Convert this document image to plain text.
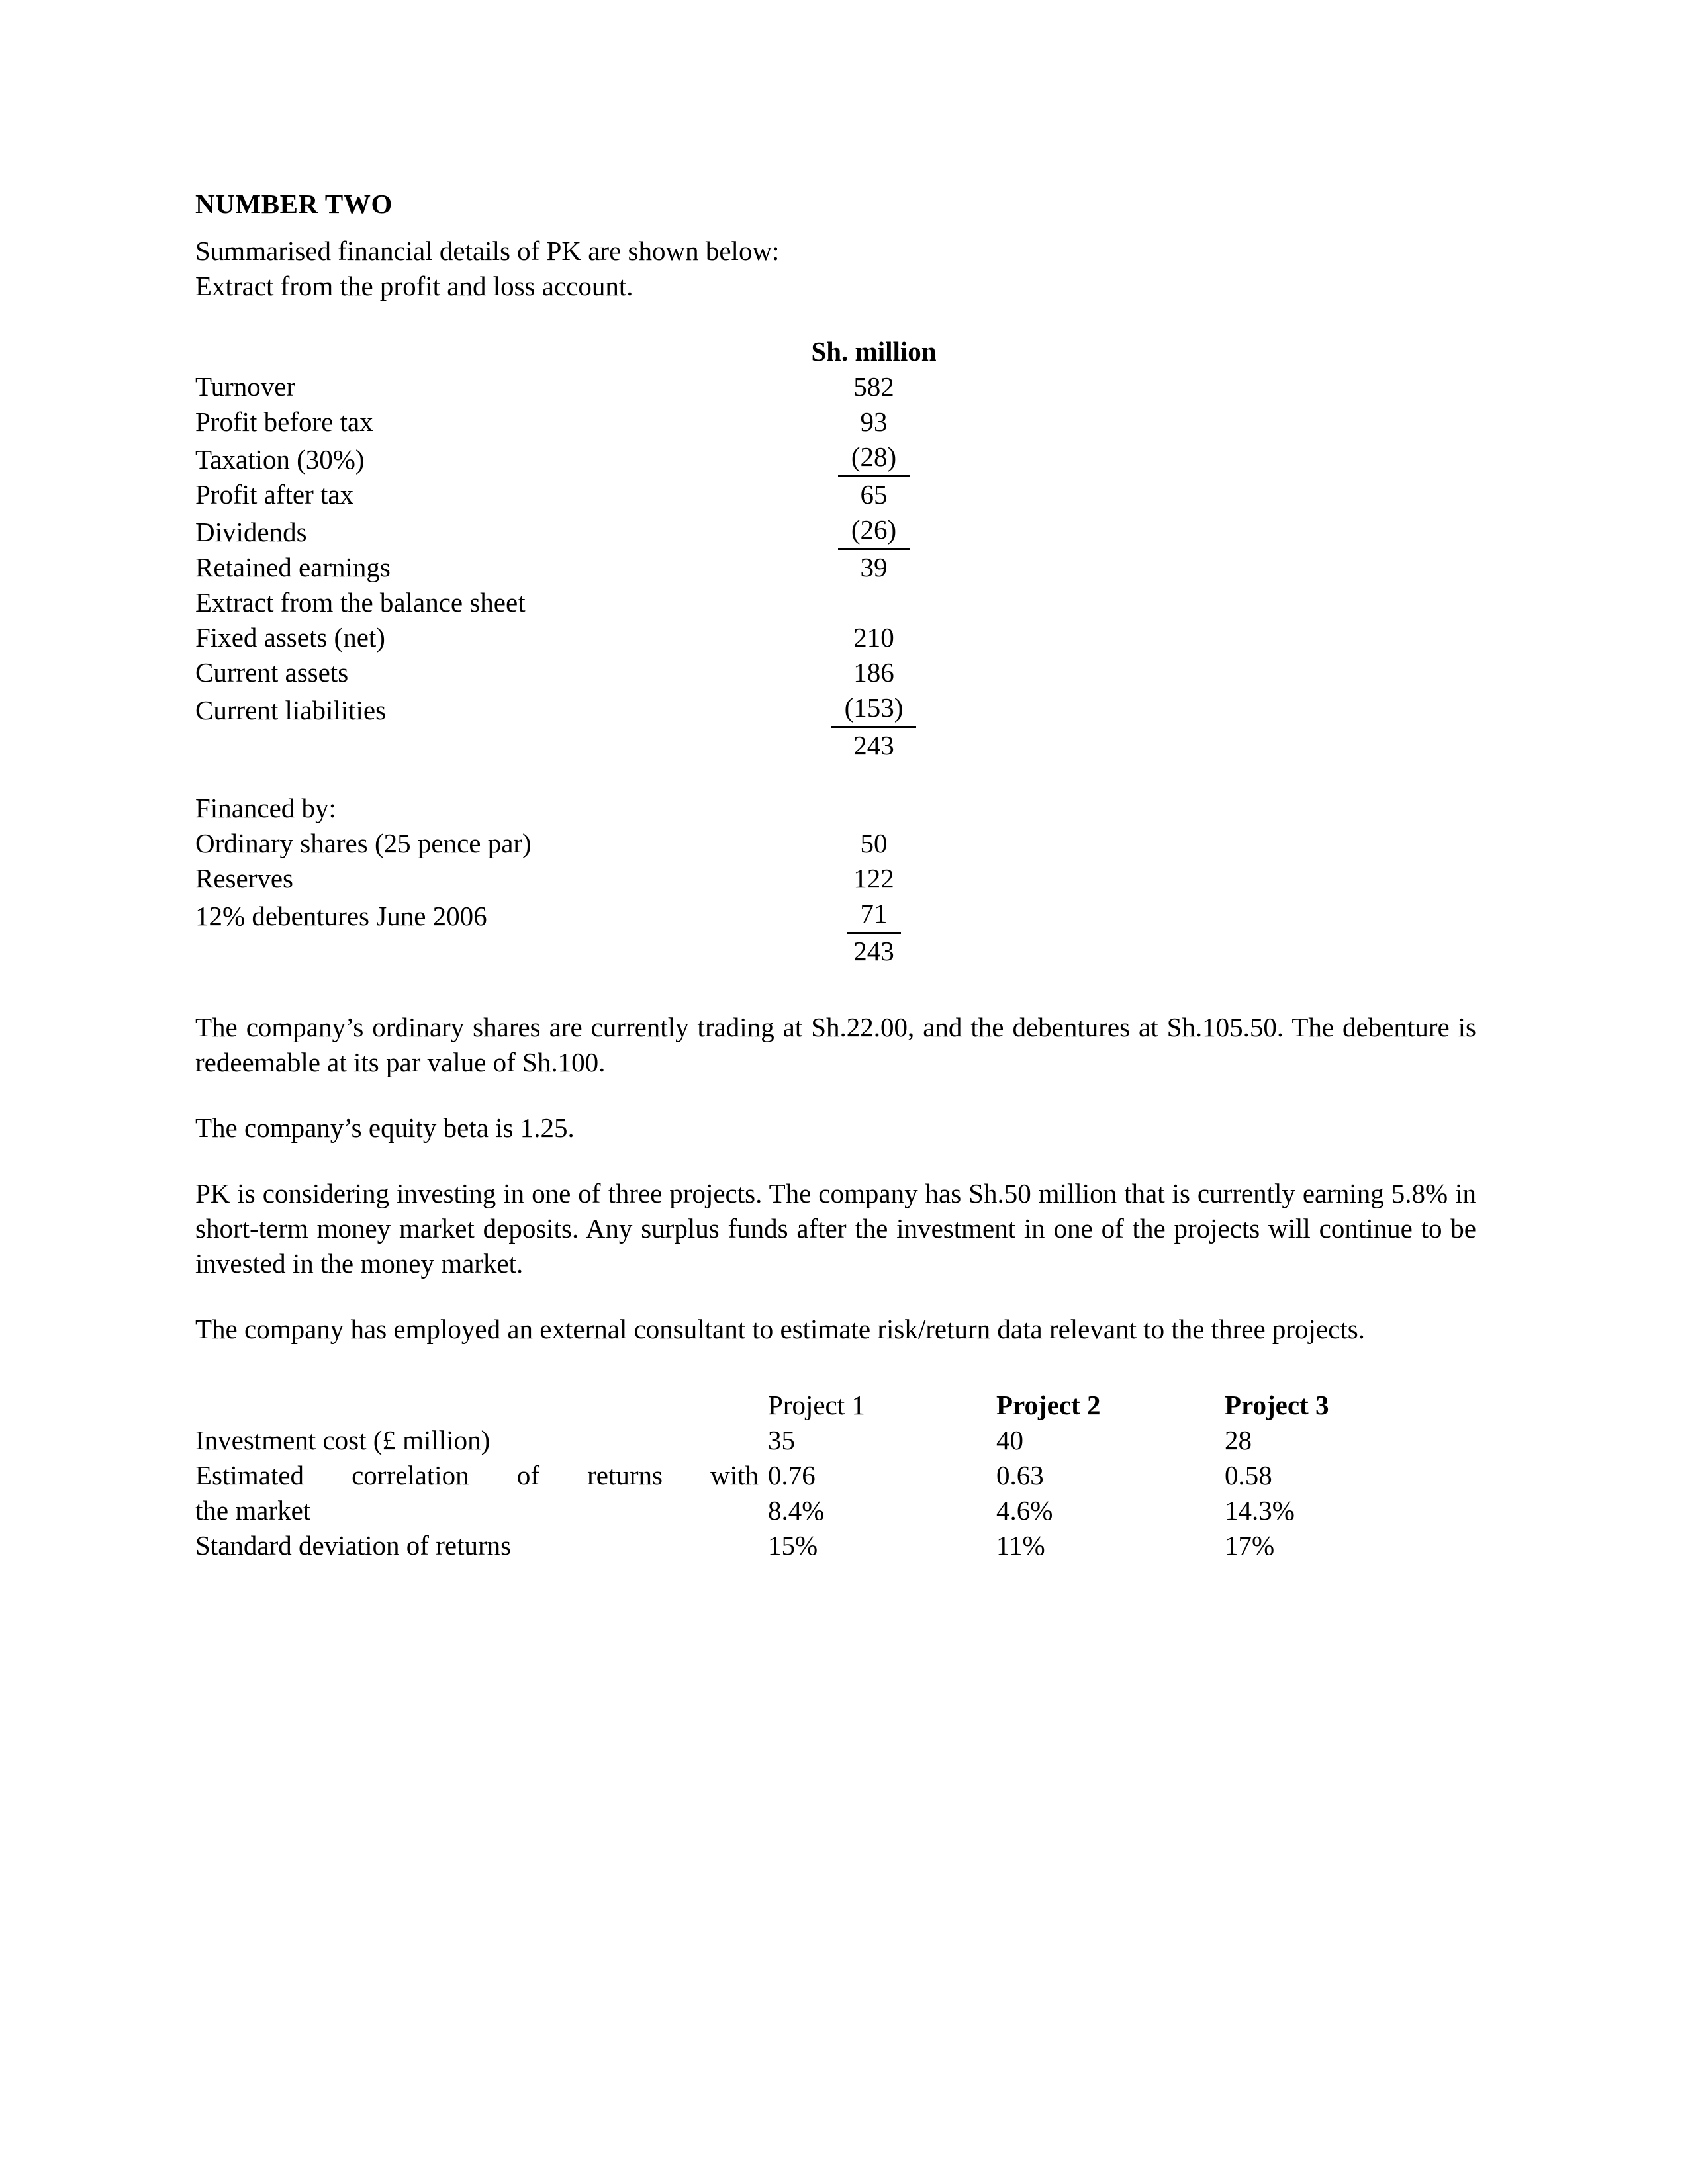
NUMBER TWO

Summarised financial details of PK are shown below:

Extract from the profit and loss account.

	Sh. million
Turnover	582
Profit before tax	93
Taxation (30%)	(28)
Profit after tax	65
Dividends	(26)
Retained earnings	39
Extract from the balance sheet	
Fixed assets (net)	210
Current assets	186
Current liabilities	(153)
	243

Financed by:	
Ordinary shares (25 pence par)	50
Reserves	122
12% debentures June 2006	71
	243

The company’s ordinary shares are currently trading at Sh.22.00, and the debentures at Sh.105.50. The debenture is redeemable at its par value of Sh.100.

The company’s equity beta is 1.25.

PK is considering investing in one of three projects. The company has Sh.50 million that is currently earning 5.8% in short-term money market deposits. Any surplus funds after the investment in one of the projects will continue to be invested in the money market.

The company has employed an external consultant to estimate risk/return data relevant to the three projects.

	Project 1	Project 2	Project 3
Investment cost (£ million)	35	40	28
Estimated correlation of returns with	0.76	0.63	0.58
the market	8.4%	4.6%	14.3%
Standard deviation of returns	15%	11%	17%
